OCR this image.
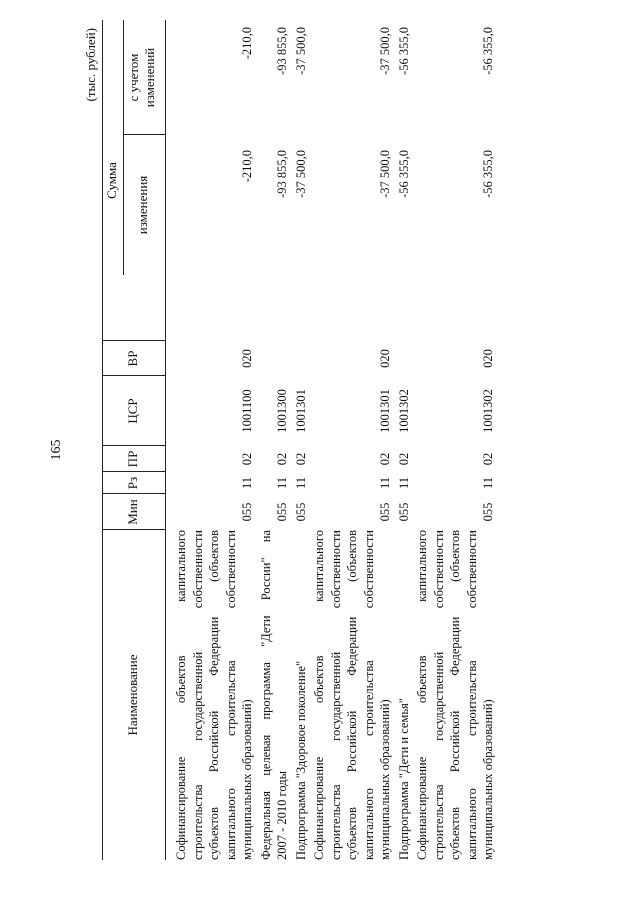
165
(тыс. рублей)
Наименование
Мин
Рз
ПР
ЦСР
ВР
Сумма изменения
с учетом изменений
Софинансирование объектов капитального строительства государственной собственности субъектов Российской Федерации (объектов капитального строительства собственности муниципальных образований)
055
11
02
1001100
020
-210,0
-210,0
Федеральная целевая программа "Дети России" на 2007 - 2010 годы
055
11
02
1001300
-93 855,0
-93 855,0
Подпрограмма "Здоровое поколение"
055
11
02
1001301
-37 500,0
-37 500,0
Софинансирование объектов капитального строительства государственной собственности субъектов Российской Федерации (объектов капитального строительства собственности муниципальных образований)
055
11
02
1001301
020
-37 500,0
-37 500,0
Подпрограмма "Дети и семья"
055
11
02
1001302
-56 355,0
-56 355,0
Софинансирование объектов капитального строительства государственной собственности субъектов Российской Федерации (объектов капитального строительства собственности муниципальных образований)
055
11
02
1001302
020
-56 355,0
-56 355,0
